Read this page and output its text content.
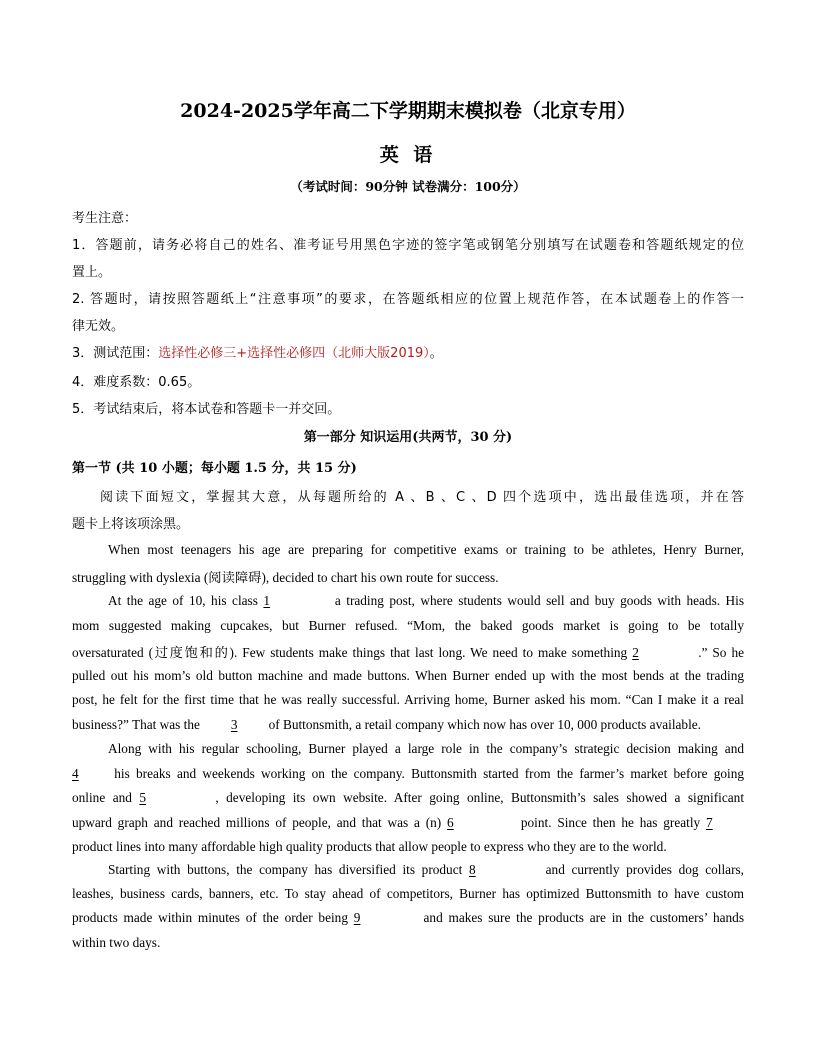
2024-2025学年高二下学期期末模拟卷（北京专用）
英 语
（考试时间：90分钟 试卷满分：100分）
考生注意：
1．答题前，请务必将自己的姓名、准考证号用黑色字迹的签字笔或钢笔分别填写在试题卷和答题纸规定的位
置上。
2. 答题时，请按照答题纸上“注意事项”的要求，在答题纸相应的位置上规范作答，在本试题卷上的作答一
律无效。
3．测试范围：选择性必修三+选择性必修四（北师大版2019）。
4．难度系数：0.65。
5．考试结束后，将本试卷和答题卡一并交回。
第一部分 知识运用(共两节，30 分)
第一节 (共 10 小题；每小题 1.5 分，共 15 分)
阅读下面短文，掌握其大意，从每题所给的 A 、B 、C 、D 四个选项中，选出最佳选项，并在答
题卡上将该项涂黑。
When most teenagers his age are preparing for competitive exams or training to be athletes, Henry Burner,
struggling with dyslexia (阅读障碍), decided to chart his own route for success.
At the age of 10, his class 1	a trading post, where students would sell and buy goods with heads. His
mom suggested making cupcakes, but Burner refused. “Mom, the baked goods market is going to be totally
oversaturated (过度饱和的). Few students make things that last long. We need to make something 2	.” So he
pulled out his mom’s old button machine and made buttons. When Burner ended up with the most bends at the trading
post, he felt for the first time that he was really successful. Arriving home, Burner asked his mom. “Can I make it a real
business?” That was the 3 of Buttonsmith, a retail company which now has over 10, 000 products available.
Along with his regular schooling, Burner played a large role in the company’s strategic decision making and
4	his breaks and weekends working on the company. Buttonsmith started from the farmer’s market before going
online and 5	, developing its own website. After going online, Buttonsmith’s sales showed a significant
upward graph and reached millions of people, and that was a (n) 6	point. Since then he has greatly 7
product lines into many affordable high quality products that allow people to express who they are to the world.
Starting with buttons, the company has diversified its product 8	and currently provides dog collars,
leashes, business cards, banners, etc. To stay ahead of competitors, Burner has optimized Buttonsmith to have custom
products made within minutes of the order being 9	and makes sure the products are in the customers’ hands
within two days.
